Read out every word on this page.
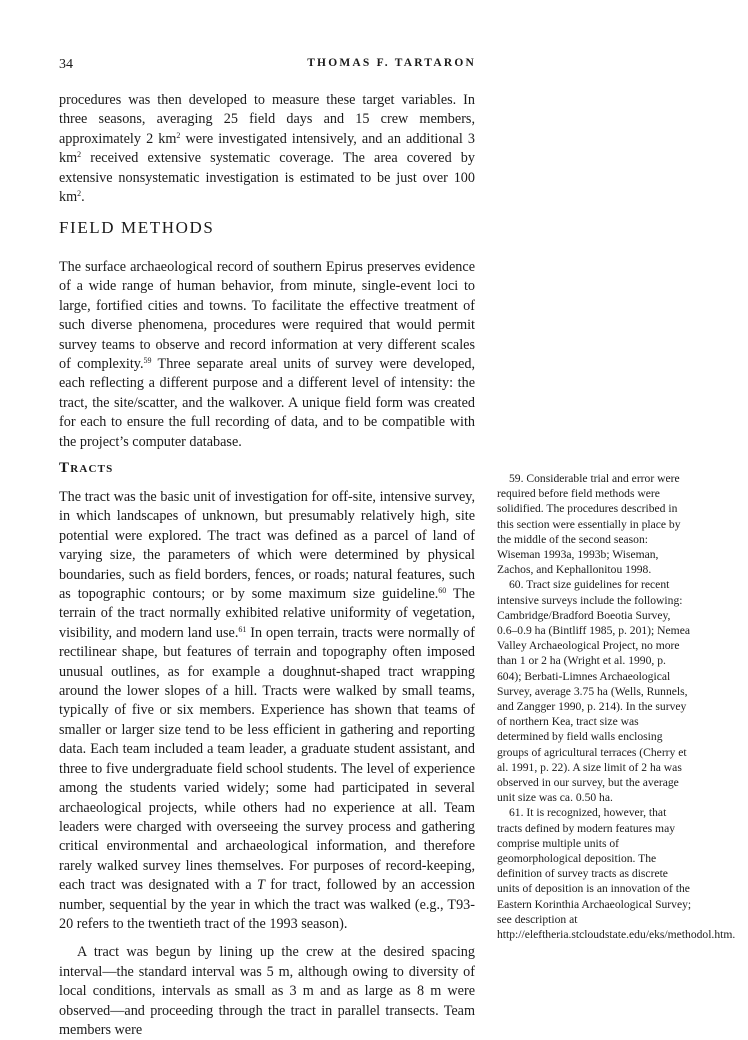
34	THOMAS F. TARTARON

procedures was then developed to measure these target variables. In three seasons, averaging 25 field days and 15 crew members, approximately 2 $km^2$ were investigated intensively, and an additional 3 $km^2$ received extensive systematic coverage. The area covered by extensive nonsystematic investigation is estimated to be just over 100 $km^2$.

FIELD METHODS

The surface archaeological record of southern Epirus preserves evidence of a wide range of human behavior, from minute, single-event loci to large, fortified cities and towns. To facilitate the effective treatment of such diverse phenomena, procedures were required that would permit survey teams to observe and record information at very different scales of complexity.$^{59}$ Three separate areal units of survey were developed, each reflecting a different purpose and a different level of intensity: the tract, the site/scatter, and the walkover. A unique field form was created for each to ensure the full recording of data, and to be compatible with the project’s computer database.

Tracts

The tract was the basic unit of investigation for off-site, intensive survey, in which landscapes of unknown, but presumably relatively high, site potential were explored. The tract was defined as a parcel of land of varying size, the parameters of which were determined by physical boundaries, such as field borders, fences, or roads; natural features, such as topographic contours; or by some maximum size guideline.$^{60}$ The terrain of the tract normally exhibited relative uniformity of vegetation, visibility, and modern land use.$^{61}$ In open terrain, tracts were normally of rectilinear shape, but features of terrain and topography often imposed unusual outlines, as for example a doughnut-shaped tract wrapping around the lower slopes of a hill. Tracts were walked by small teams, typically of five or six members. Experience has shown that teams of smaller or larger size tend to be less efficient in gathering and reporting data. Each team included a team leader, a graduate student assistant, and three to five undergraduate field school students. The level of experience among the students varied widely; some had participated in several archaeological projects, while others had no experience at all. Team leaders were charged with overseeing the survey process and gathering critical environmental and archaeological information, and therefore rarely walked survey lines themselves. For purposes of record-keeping, each tract was designated with a T for tract, followed by an accession number, sequential by the year in which the tract was walked (e.g., T93-20 refers to the twentieth tract of the 1993 season).

A tract was begun by lining up the crew at the desired spacing interval—the standard interval was 5 m, although owing to diversity of local conditions, intervals as small as 3 m and as large as 8 m were observed—and proceeding through the tract in parallel transects. Team members were

59. Considerable trial and error were required before field methods were solidified. The procedures described in this section were essentially in place by the middle of the second season: Wiseman 1993a, 1993b; Wiseman, Zachos, and Kephallonitou 1998.

60. Tract size guidelines for recent intensive surveys include the following: Cambridge/Bradford Boeotia Survey, 0.6–0.9 ha (Bintliff 1985, p. 201); Nemea Valley Archaeological Project, no more than 1 or 2 ha (Wright et al. 1990, p. 604); Berbati-Limnes Archaeological Survey, average 3.75 ha (Wells, Runnels, and Zangger 1990, p. 214). In the survey of northern Kea, tract size was determined by field walls enclosing groups of agricultural terraces (Cherry et al. 1991, p. 22). A size limit of 2 ha was observed in our survey, but the average unit size was ca. 0.50 ha.

61. It is recognized, however, that tracts defined by modern features may comprise multiple units of geomorphological deposition. The definition of survey tracts as discrete units of deposition is an innovation of the Eastern Korinthia Archaeological Survey; see description at http://eleftheria.stcloudstate.edu/eks/methodol.htm.
